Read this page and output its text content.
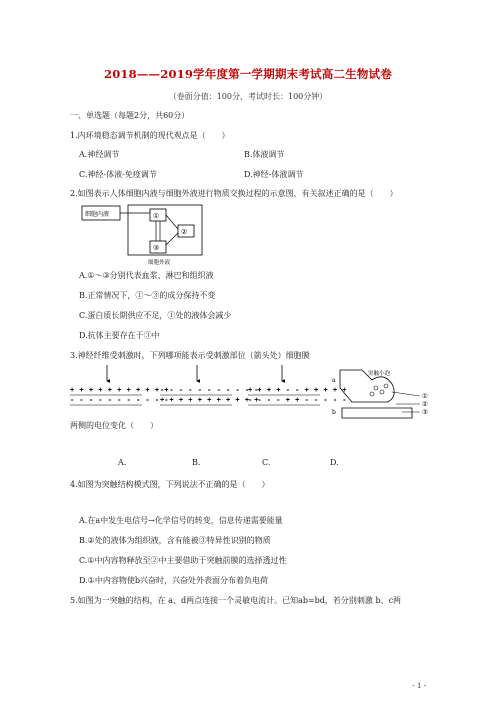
2018——2019学年度第一学期期末考试高二生物试卷
（卷面分值：100分，考试时长：100分钟）
一、单选题（每题2分，共60分）
1.内环境稳态调节机制的现代观点是（　　）
A.神经调节	B.体液调节
C.神经-体液-免疫调节	D.神经-体液调节
2.如图表示人体细胞内液与细胞外液进行物质交换过程的示意图，有关叙述正确的是（　　）
细胞内液	①
②
③
细胞外液
A.①～③分别代表血浆、淋巴和组织液
B.正常情况下，①～③的成分保持不变
C.蛋白质长期供应不足，①处的液体会减少
D.抗体主要存在于③中
3.神经纤维受刺激时，下列哪项能表示受刺激部位（箭头处）细胞膜
+ + + + + + + + + + +
- - - - - - - - - - -
- - - - - - - - - - -
+ + + + + + + + + + +
+ + + + - - + + + + +
- - - - + + - - - - -
a
b
突触小泡
①
②
③
两侧的电位变化（　　）
A.	B.	C.	D.
4.如图为突触结构模式图，下列说法不正确的是（　　）
A.在a中发生电信号→化学信号的转变，信息传递需要能量
B.②处的液体为组织液，含有能被③特异性识别的物质
C.①中内容物释放至②中主要借助于突触前膜的选择透过性
D.①中内容物使b兴奋时，兴奋处外表面分布着负电荷
5.如图为一突触的结构，在 a、d两点连接一个灵敏电流计。已知ab=bd，若分别刺激 b、c两
- 1 -
